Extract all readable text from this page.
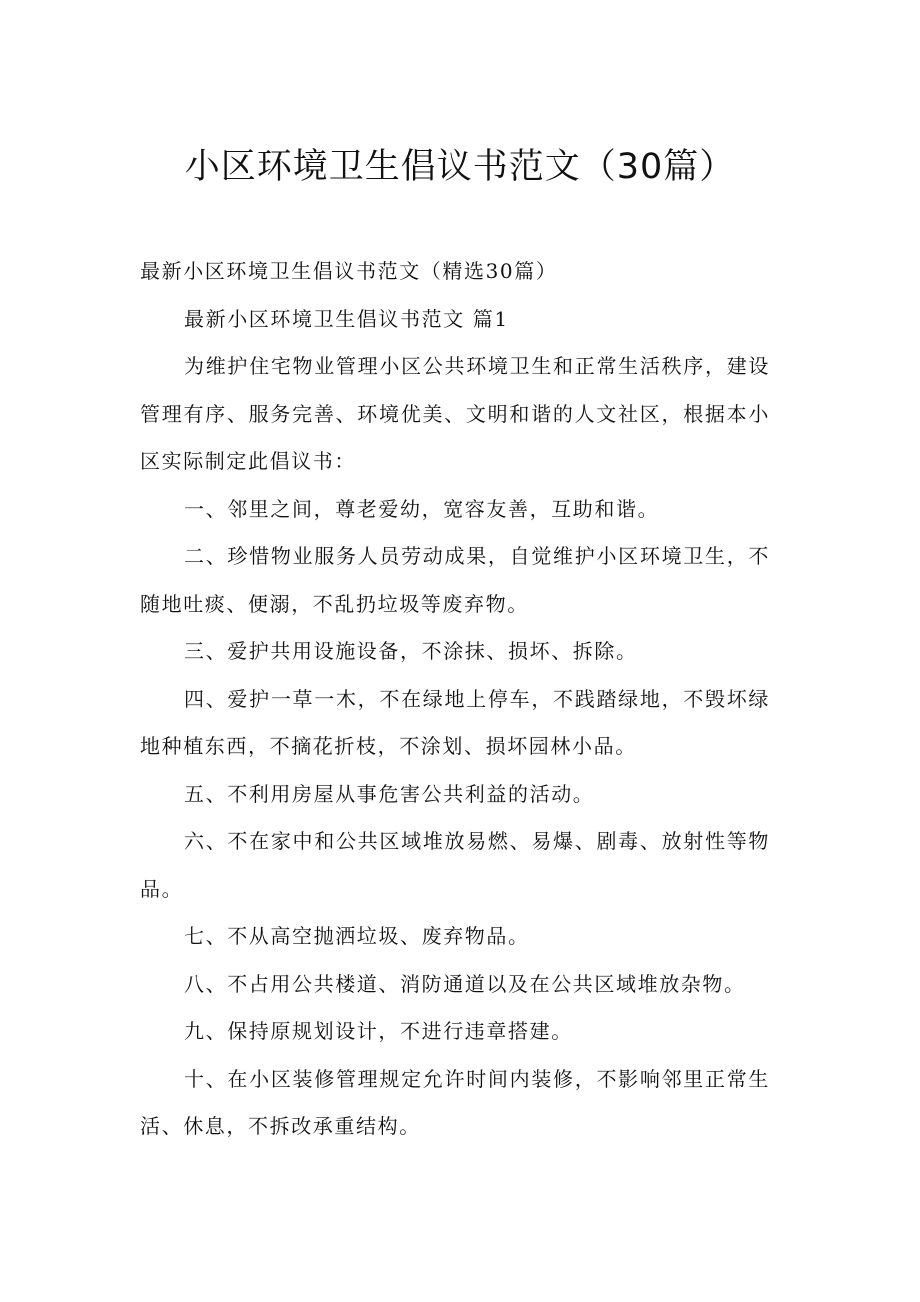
小区环境卫生倡议书范文（30篇）

最新小区环境卫生倡议书范文（精选30篇）

最新小区环境卫生倡议书范文 篇1

为维护住宅物业管理小区公共环境卫生和正常生活秩序，建设管理有序、服务完善、环境优美、文明和谐的人文社区，根据本小区实际制定此倡议书：

一、邻里之间，尊老爱幼，宽容友善，互助和谐。

二、珍惜物业服务人员劳动成果，自觉维护小区环境卫生，不随地吐痰、便溺，不乱扔垃圾等废弃物。

三、爱护共用设施设备，不涂抹、损坏、拆除。

四、爱护一草一木，不在绿地上停车，不践踏绿地，不毁坏绿地种植东西，不摘花折枝，不涂划、损坏园林小品。

五、不利用房屋从事危害公共利益的活动。

六、不在家中和公共区域堆放易燃、易爆、剧毒、放射性等物品。

七、不从高空抛洒垃圾、废弃物品。

八、不占用公共楼道、消防通道以及在公共区域堆放杂物。

九、保持原规划设计，不进行违章搭建。

十、在小区装修管理规定允许时间内装修，不影响邻里正常生活、休息，不拆改承重结构。
